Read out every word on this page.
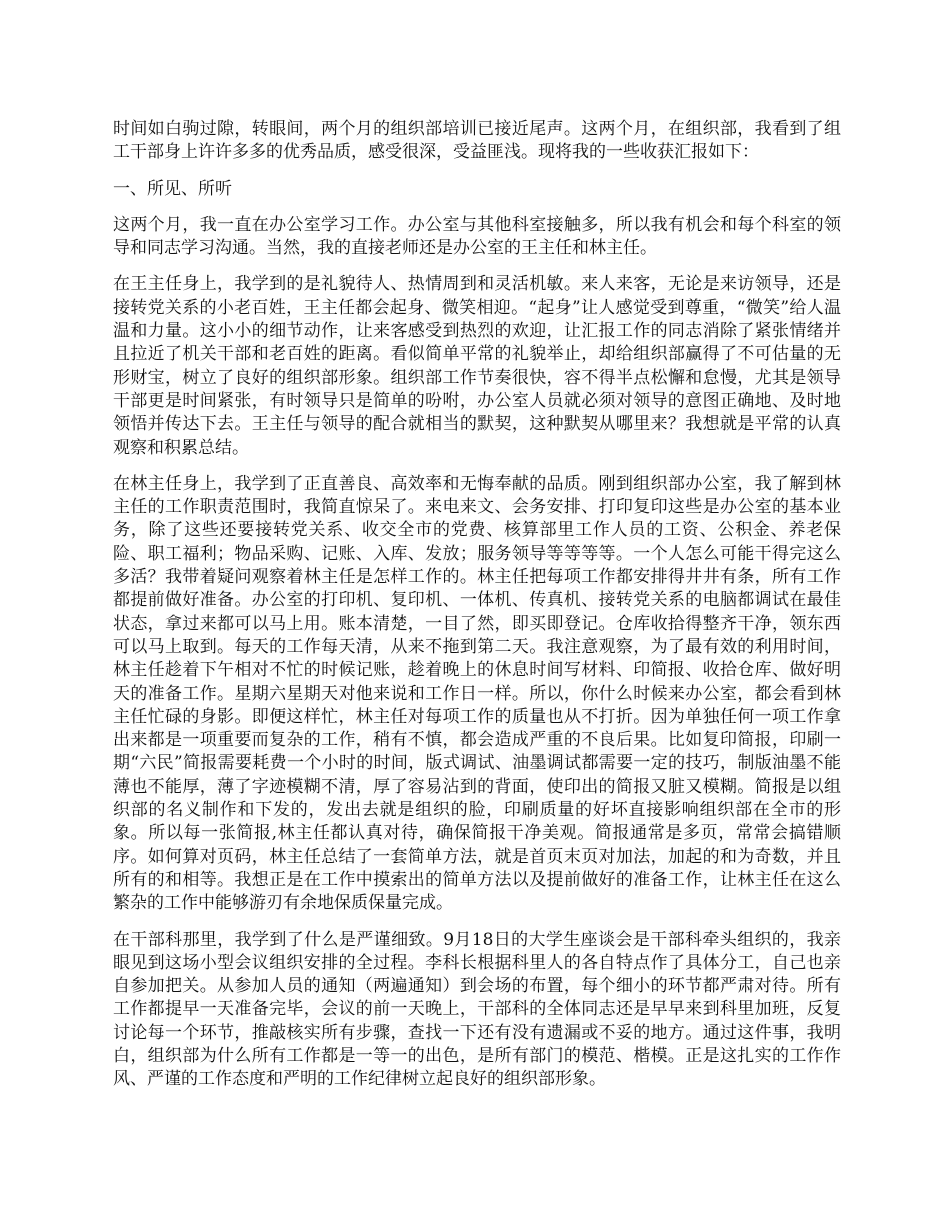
时间如白驹过隙，转眼间，两个月的组织部培训已接近尾声。这两个月，在组织部，我看到了组工干部身上许许多多的优秀品质，感受很深，受益匪浅。现将我的一些收获汇报如下：

一、所见、所听

这两个月，我一直在办公室学习工作。办公室与其他科室接触多，所以我有机会和每个科室的领导和同志学习沟通。当然，我的直接老师还是办公室的王主任和林主任。

在王主任身上，我学到的是礼貌待人、热情周到和灵活机敏。来人来客，无论是来访领导，还是接转党关系的小老百姓，王主任都会起身、微笑相迎。“起身”让人感觉受到尊重，“微笑”给人温温和力量。这小小的细节动作，让来客感受到热烈的欢迎，让汇报工作的同志消除了紧张情绪并且拉近了机关干部和老百姓的距离。看似简单平常的礼貌举止，却给组织部赢得了不可估量的无形财宝，树立了良好的组织部形象。组织部工作节奏很快，容不得半点松懈和怠慢，尤其是领导干部更是时间紧张，有时领导只是简单的吩咐，办公室人员就必须对领导的意图正确地、及时地领悟并传达下去。王主任与领导的配合就相当的默契，这种默契从哪里来？我想就是平常的认真观察和积累总结。

在林主任身上，我学到了正直善良、高效率和无悔奉献的品质。刚到组织部办公室，我了解到林主任的工作职责范围时，我简直惊呆了。来电来文、会务安排、打印复印这些是办公室的基本业务，除了这些还要接转党关系、收交全市的党费、核算部里工作人员的工资、公积金、养老保险、职工福利；物品采购、记账、入库、发放；服务领导等等等等。一个人怎么可能干得完这么多活？我带着疑问观察着林主任是怎样工作的。林主任把每项工作都安排得井井有条，所有工作都提前做好准备。办公室的打印机、复印机、一体机、传真机、接转党关系的电脑都调试在最佳状态，拿过来都可以马上用。账本清楚，一目了然，即买即登记。仓库收拾得整齐干净，领东西可以马上取到。每天的工作每天清，从来不拖到第二天。我注意观察，为了最有效的利用时间，林主任趁着下午相对不忙的时候记账，趁着晚上的休息时间写材料、印简报、收拾仓库、做好明天的准备工作。星期六星期天对他来说和工作日一样。所以，你什么时候来办公室，都会看到林主任忙碌的身影。即便这样忙，林主任对每项工作的质量也从不打折。因为单独任何一项工作拿出来都是一项重要而复杂的工作，稍有不慎，都会造成严重的不良后果。比如复印简报，印刷一期“六民”简报需要耗费一个小时的时间，版式调试、油墨调试都需要一定的技巧，制版油墨不能薄也不能厚，薄了字迹模糊不清，厚了容易沾到的背面，使印出的简报又脏又模糊。简报是以组织部的名义制作和下发的，发出去就是组织的脸，印刷质量的好坏直接影响组织部在全市的形象。所以每一张简报,林主任都认真对待，确保简报干净美观。简报通常是多页，常常会搞错顺序。如何算对页码，林主任总结了一套简单方法，就是首页末页对加法，加起的和为奇数，并且所有的和相等。我想正是在工作中摸索出的简单方法以及提前做好的准备工作，让林主任在这么繁杂的工作中能够游刃有余地保质保量完成。

在干部科那里，我学到了什么是严谨细致。9月18日的大学生座谈会是干部科牵头组织的，我亲眼见到这场小型会议组织安排的全过程。李科长根据科里人的各自特点作了具体分工，自己也亲自参加把关。从参加人员的通知（两遍通知）到会场的布置，每个细小的环节都严肃对待。所有工作都提早一天准备完毕，会议的前一天晚上，干部科的全体同志还是早早来到科里加班，反复讨论每一个环节，推敲核实所有步骤，查找一下还有没有遗漏或不妥的地方。通过这件事，我明白，组织部为什么所有工作都是一等一的出色，是所有部门的模范、楷模。正是这扎实的工作作风、严谨的工作态度和严明的工作纪律树立起良好的组织部形象。
